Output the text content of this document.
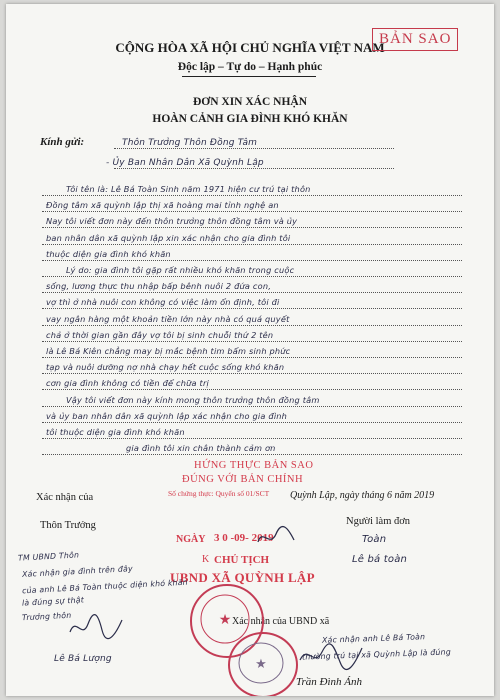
CỘNG HÒA XÃ HỘI CHỦ NGHĨA VIỆT NAM
Độc lập – Tự do – Hạnh phúc
BẢN SAO
ĐƠN XIN XÁC NHẬN
HOÀN CẢNH GIA ĐÌNH KHÓ KHĂN
Kính gửi:	Thôn Trưởng Thôn Đồng Tâm
- Ủy Ban Nhân Dân Xã Quỳnh Lập
Tôi tên là: Lê Bá Toàn Sinh năm 1971 hiện cư trú tại thôn
Đồng tâm xã quỳnh lập thị xã hoàng mai tỉnh nghệ an
Nay tôi viết đơn này đến thôn trưởng thôn đồng tâm và ủy
ban nhân dân xã quỳnh lập xin xác nhận cho gia đình tôi
thuộc diện gia đình khó khăn
Lý do: gia đình tôi gặp rất nhiều khó khăn trong cuộc
sống, lương thực thu nhập bấp bênh nuôi 2 đứa con,
vợ thì ở nhà nuôi con không có việc làm ổn định, tôi đi
vay ngân hàng một khoản tiền lớn này nhà có quá quyết
chả ở thời gian gần đây vợ tôi bị sinh chuỗi thứ 2 tên
là Lê Bá Kiên chẳng may bị mắc bệnh tim bẩm sinh phức
tạp và nuôi dưỡng nợ nhà chạy hết cuộc sống khó khăn
cơn gia đình không có tiền để chữa trị
Vậy tôi viết đơn này kính mong thôn trưởng thôn đồng tâm
và ủy ban nhân dân xã quỳnh lập xác nhận cho gia đình
tôi thuộc diện gia đình khó khăn
gia đình tôi xin chân thành cảm ơn
HỨNG THỰC BẢN SAO
ĐÚNG VỚI BẢN CHÍNH
Số chứng thực: Quyển số 01/SCT
NGÀY 3 0 -09- 2019
Xác nhận của
Thôn Trưởng
Quỳnh Lập, ngày tháng 6 năm 2019
Người làm đơn
Toàn
Lê bá toàn
K CHỦ TỊCH
UBND XÃ QUỲNH LẬP
Xác nhận của UBND xã
Trần Đình Ánh
TM UBND Thôn
Xác nhận gia đình trên đây
của anh Lê Bá Toàn thuộc diện khó khăn
là đúng sự thật
Trưởng thôn
Lê Bá Lượng
Xác nhận anh Lê Bá Toàn
thường trú tại xã Quỳnh Lập là đúng
★
★
